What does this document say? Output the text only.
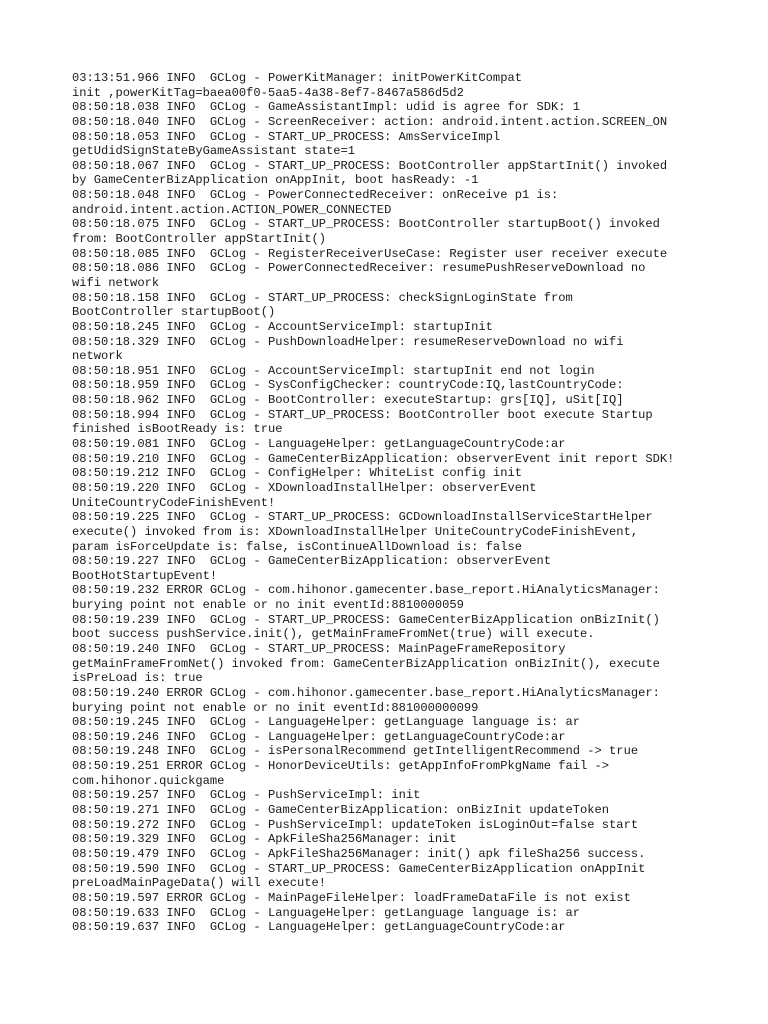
03:13:51.966 INFO  GCLog - PowerKitManager: initPowerKitCompat
init ,powerKitTag=baea00f0-5aa5-4a38-8ef7-8467a586d5d2
08:50:18.038 INFO  GCLog - GameAssistantImpl: udid is agree for SDK: 1
08:50:18.040 INFO  GCLog - ScreenReceiver: action: android.intent.action.SCREEN_ON
08:50:18.053 INFO  GCLog - START_UP_PROCESS: AmsServiceImpl
getUdidSignStateByGameAssistant state=1
08:50:18.067 INFO  GCLog - START_UP_PROCESS: BootController appStartInit() invoked
by GameCenterBizApplication onAppInit, boot hasReady: -1
08:50:18.048 INFO  GCLog - PowerConnectedReceiver: onReceive p1 is:
android.intent.action.ACTION_POWER_CONNECTED
08:50:18.075 INFO  GCLog - START_UP_PROCESS: BootController startupBoot() invoked
from: BootController appStartInit()
08:50:18.085 INFO  GCLog - RegisterReceiverUseCase: Register user receiver execute
08:50:18.086 INFO  GCLog - PowerConnectedReceiver: resumePushReserveDownload no
wifi network
08:50:18.158 INFO  GCLog - START_UP_PROCESS: checkSignLoginState from
BootController startupBoot()
08:50:18.245 INFO  GCLog - AccountServiceImpl: startupInit
08:50:18.329 INFO  GCLog - PushDownloadHelper: resumeReserveDownload no wifi
network
08:50:18.951 INFO  GCLog - AccountServiceImpl: startupInit end not login
08:50:18.959 INFO  GCLog - SysConfigChecker: countryCode:IQ,lastCountryCode:
08:50:18.962 INFO  GCLog - BootController: executeStartup: grs[IQ], uSit[IQ]
08:50:18.994 INFO  GCLog - START_UP_PROCESS: BootController boot execute Startup
finished isBootReady is: true
08:50:19.081 INFO  GCLog - LanguageHelper: getLanguageCountryCode:ar
08:50:19.210 INFO  GCLog - GameCenterBizApplication: observerEvent init report SDK!
08:50:19.212 INFO  GCLog - ConfigHelper: WhiteList config init
08:50:19.220 INFO  GCLog - XDownloadInstallHelper: observerEvent
UniteCountryCodeFinishEvent!
08:50:19.225 INFO  GCLog - START_UP_PROCESS: GCDownloadInstallServiceStartHelper
execute() invoked from is: XDownloadInstallHelper UniteCountryCodeFinishEvent,
param isForceUpdate is: false, isContinueAllDownload is: false
08:50:19.227 INFO  GCLog - GameCenterBizApplication: observerEvent
BootHotStartupEvent!
08:50:19.232 ERROR GCLog - com.hihonor.gamecenter.base_report.HiAnalyticsManager:
burying point not enable or no init eventId:8810000059
08:50:19.239 INFO  GCLog - START_UP_PROCESS: GameCenterBizApplication onBizInit()
boot success pushService.init(), getMainFrameFromNet(true) will execute.
08:50:19.240 INFO  GCLog - START_UP_PROCESS: MainPageFrameRepository
getMainFrameFromNet() invoked from: GameCenterBizApplication onBizInit(), execute
isPreLoad is: true
08:50:19.240 ERROR GCLog - com.hihonor.gamecenter.base_report.HiAnalyticsManager:
burying point not enable or no init eventId:881000000099
08:50:19.245 INFO  GCLog - LanguageHelper: getLanguage language is: ar
08:50:19.246 INFO  GCLog - LanguageHelper: getLanguageCountryCode:ar
08:50:19.248 INFO  GCLog - isPersonalRecommend getIntelligentRecommend -> true
08:50:19.251 ERROR GCLog - HonorDeviceUtils: getAppInfoFromPkgName fail ->
com.hihonor.quickgame
08:50:19.257 INFO  GCLog - PushServiceImpl: init
08:50:19.271 INFO  GCLog - GameCenterBizApplication: onBizInit updateToken
08:50:19.272 INFO  GCLog - PushServiceImpl: updateToken isLoginOut=false start
08:50:19.329 INFO  GCLog - ApkFileSha256Manager: init
08:50:19.479 INFO  GCLog - ApkFileSha256Manager: init() apk fileSha256 success.
08:50:19.590 INFO  GCLog - START_UP_PROCESS: GameCenterBizApplication onAppInit
preLoadMainPageData() will execute!
08:50:19.597 ERROR GCLog - MainPageFileHelper: loadFrameDataFile is not exist
08:50:19.633 INFO  GCLog - LanguageHelper: getLanguage language is: ar
08:50:19.637 INFO  GCLog - LanguageHelper: getLanguageCountryCode:ar
